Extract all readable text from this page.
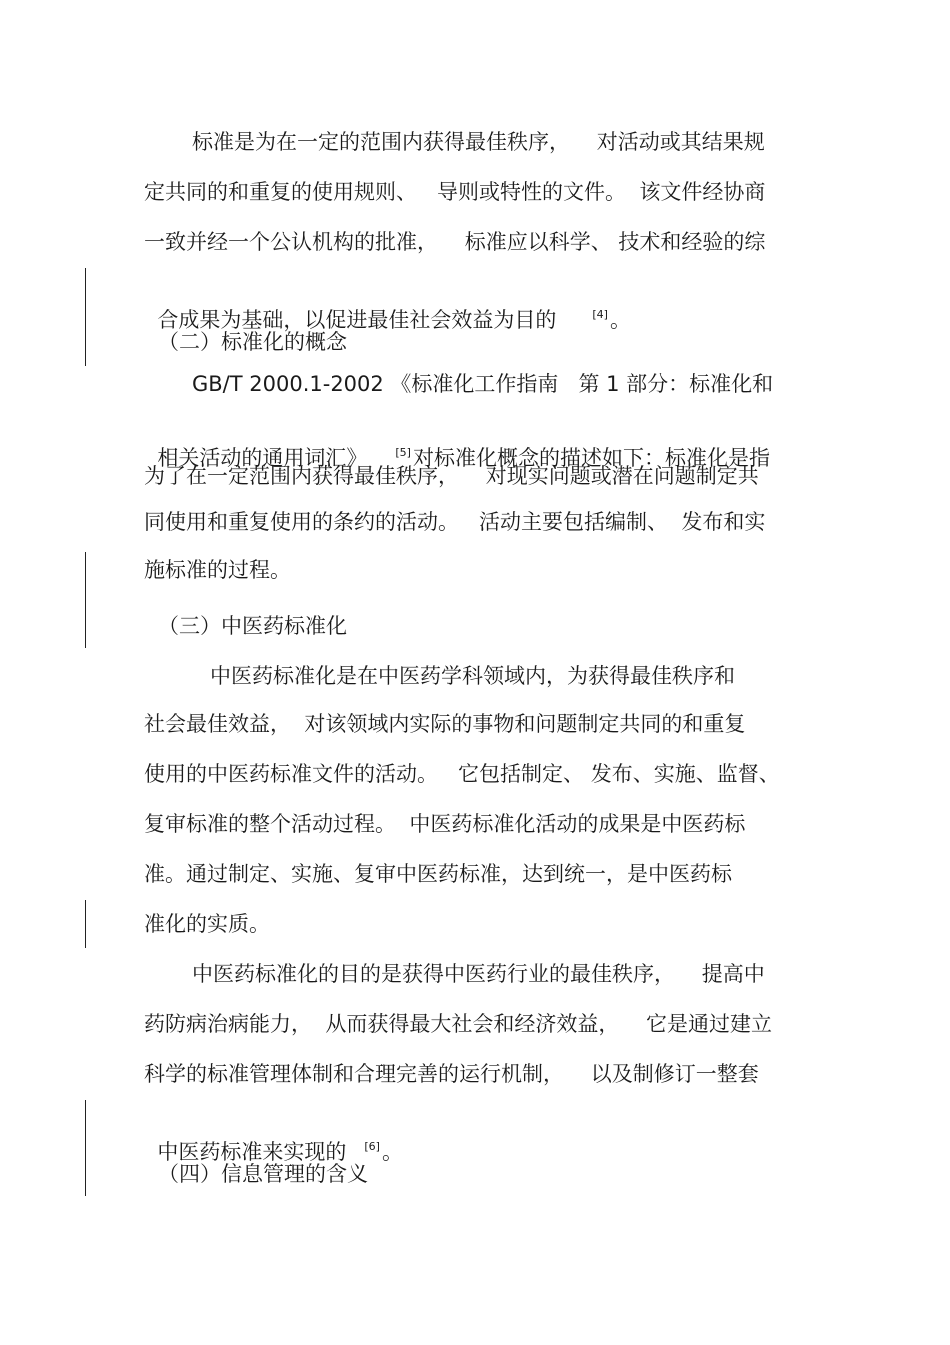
标准是为在一定的范围内获得最佳秩序，    对活动或其结果规
定共同的和重复的使用规则、   导则或特性的文件。  该文件经协商
一致并经一个公认机构的批准，    标准应以科学、 技术和经验的综

合成果为基础，以促进最佳社会效益为目的	[4]。

（二）标准化的概念
GB/T 2000.1-2002 《标准化工作指南   第 1 部分：标准化和

相关活动的通用词汇》	[5]对标准化概念的描述如下：标准化是指

为了在一定范围内获得最佳秩序，    对现实问题或潜在问题制定共
同使用和重复使用的条约的活动。   活动主要包括编制、  发布和实
施标准的过程。
（三）中医药标准化
中医药标准化是在中医药学科领域内，为获得最佳秩序和
社会最佳效益，  对该领域内实际的事物和问题制定共同的和重复
使用的中医药标准文件的活动。   它包括制定、 发布、实施、监督、
复审标准的整个活动过程。  中医药标准化活动的成果是中医药标
准。通过制定、实施、复审中医药标准，达到统一，是中医药标
准化的实质。
中医药标准化的目的是获得中医药行业的最佳秩序，    提高中
药防病治病能力，  从而获得最大社会和经济效益，    它是通过建立
科学的标准管理体制和合理完善的运行机制，    以及制修订一整套

中医药标准来实现的 [6]。

（四）信息管理的含义
